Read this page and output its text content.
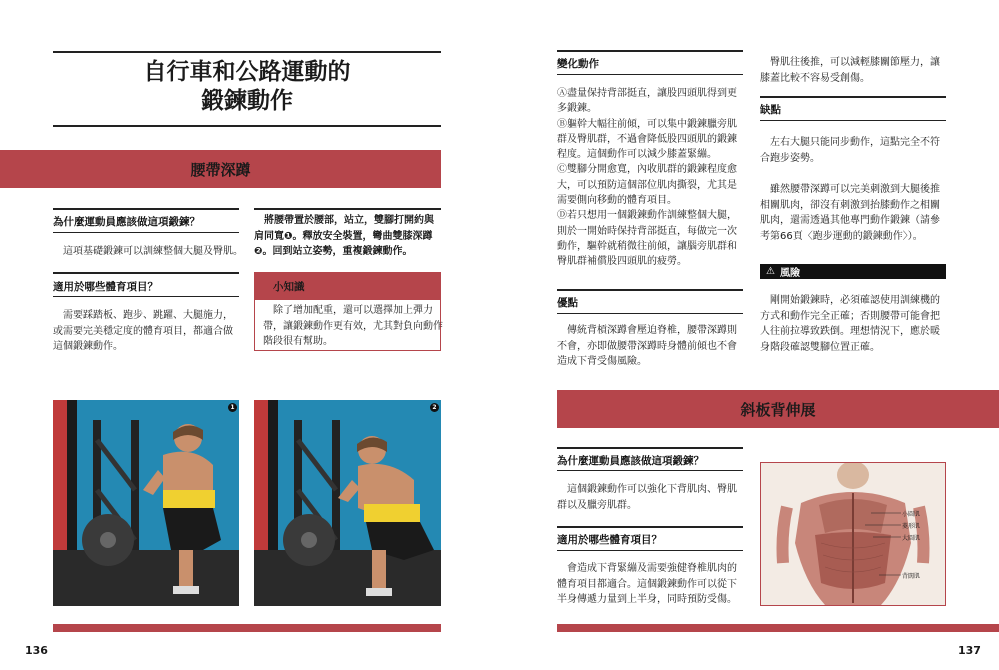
自行車和公路運動的
鍛鍊動作
腰帶深蹲
為什麼運動員應該做這項鍛鍊？
這項基礎鍛鍊可以訓練整個大腿及臀肌。
適用於哪些體育項目？
需要踩踏板、跑步、跳躍、大腿施力，
或需要完美穩定度的體育項目，都適合做
這個鍛鍊動作。
將腰帶置於腰部，站立，雙腳打開約與
肩同寬❶。釋放安全裝置，彎曲雙膝深蹲
❷。回到站立姿勢，重複鍛鍊動作。
小知識
除了增加配重，還可以選擇加上彈力
帶，讓鍛鍊動作更有效，尤其對負向動作
階段很有幫助。
1	2
136
變化動作
Ⓐ盡量保持背部挺直，讓股四頭肌得到更
多鍛鍊。
Ⓑ軀幹大幅往前傾，可以集中鍛鍊臘旁肌
群及臀肌群，不過會降低股四頭肌的鍛鍊
程度。這個動作可以減少膝蓋緊繃。
Ⓒ雙腳分開愈寬，內收肌群的鍛鍊程度愈
大，可以預防這個部位肌肉撕裂，尤其是
需要側向移動的體育項目。
Ⓓ若只想用一個鍛鍊動作訓練整個大腿，
則於一開始時保持背部挺直，每做完一次
動作，驅幹就稍微往前傾，讓腦旁肌群和
臀肌群補償股四頭肌的疲勞。
優點
傳統背槓深蹲會壓迫脊椎，腰帶深蹲則
不會，亦即做腰帶深蹲時身體前傾也不會
造成下背受傷風險。
臀肌往後推，可以減輕膝關節壓力，讓
膝蓋比較不容易受創傷。
缺點
左右大腿只能同步動作，這點完全不符
合跑步姿勢。
雖然腰帶深蹲可以完美刺激到大腿後推
相關肌肉，卻沒有刺激到抬膝動作之相關
肌肉，還需透過其他專門動作鍛鍊（請參
考第66頁〈跑步運動的鍛鍊動作〉）。
⚠ 風險
剛開始鍛鍊時，必須確認使用訓練機的
方式和動作完全正確；否則腰帶可能會把
人往前拉導致跌倒。理想情況下，應於暖
身階段確認雙腳位置正確。
斜板背伸展
為什麼運動員應該做這項鍛鍊？
這個鍛鍊動作可以強化下背肌肉、臀肌
群以及臘旁肌群。
適用於哪些體育項目？
會造成下背緊繃及需要強健脊椎肌肉的
體育項目都適合。這個鍛鍊動作可以從下
半身傳遞力量到上半身，同時預防受傷。
小圓肌
菱形肌
大圓肌
背闊肌
137
